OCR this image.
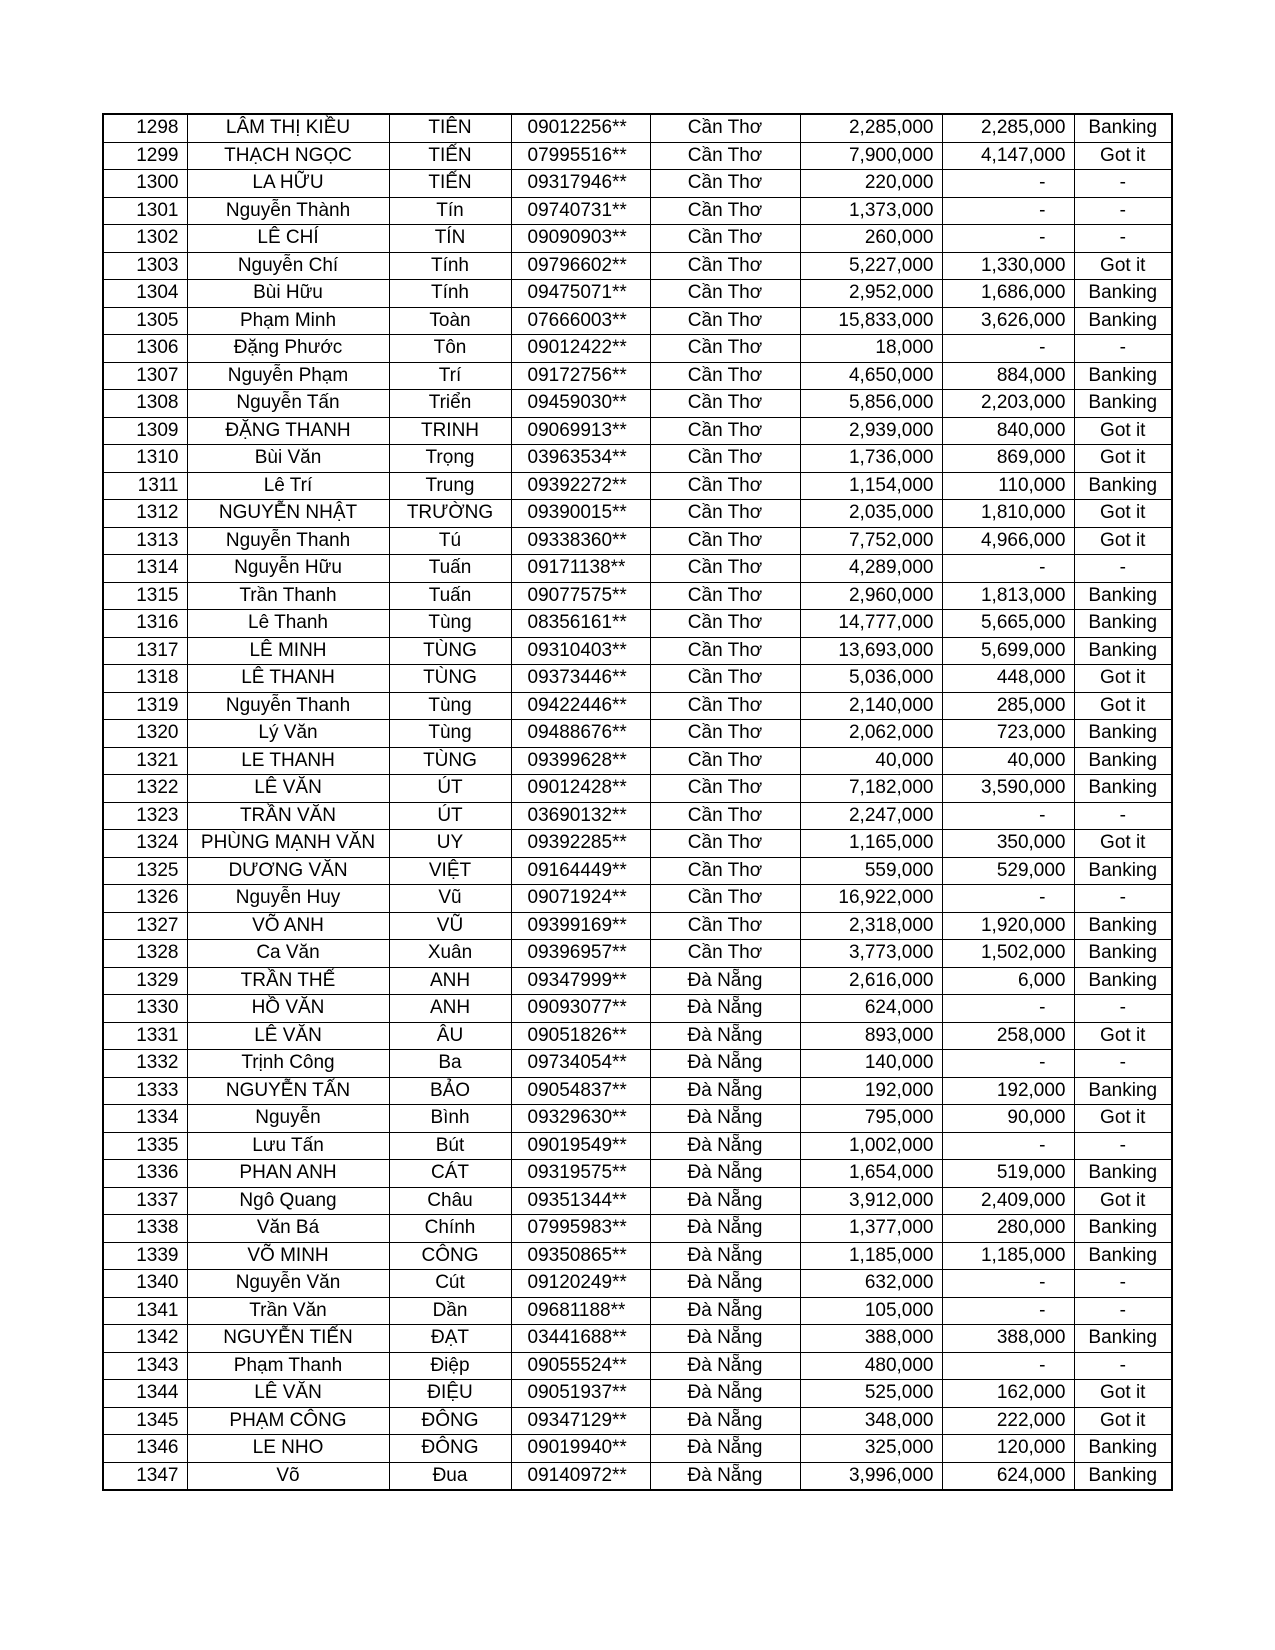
1298	LÂM THỊ KIỀU	TIÊN	09012256**	Cần Thơ	2,285,000	2,285,000	Banking
1299	THẠCH NGỌC	TIẾN	07995516**	Cần Thơ	7,900,000	4,147,000	Got it
1300	LA HỮU	TIẾN	09317946**	Cần Thơ	220,000	-	-
1301	Nguyễn Thành	Tín	09740731**	Cần Thơ	1,373,000	-	-
1302	LÊ CHÍ	TÍN	09090903**	Cần Thơ	260,000	-	-
1303	Nguyễn Chí	Tính	09796602**	Cần Thơ	5,227,000	1,330,000	Got it
1304	Bùi Hữu	Tính	09475071**	Cần Thơ	2,952,000	1,686,000	Banking
1305	Phạm Minh	Toàn	07666003**	Cần Thơ	15,833,000	3,626,000	Banking
1306	Đặng Phước	Tôn	09012422**	Cần Thơ	18,000	-	-
1307	Nguyễn Phạm	Trí	09172756**	Cần Thơ	4,650,000	884,000	Banking
1308	Nguyễn Tấn	Triển	09459030**	Cần Thơ	5,856,000	2,203,000	Banking
1309	ĐẶNG THANH	TRINH	09069913**	Cần Thơ	2,939,000	840,000	Got it
1310	Bùi Văn	Trọng	03963534**	Cần Thơ	1,736,000	869,000	Got it
1311	Lê Trí	Trung	09392272**	Cần Thơ	1,154,000	110,000	Banking
1312	NGUYỄN NHẬT	TRƯỜNG	09390015**	Cần Thơ	2,035,000	1,810,000	Got it
1313	Nguyễn Thanh	Tú	09338360**	Cần Thơ	7,752,000	4,966,000	Got it
1314	Nguyễn Hữu	Tuấn	09171138**	Cần Thơ	4,289,000	-	-
1315	Trần Thanh	Tuấn	09077575**	Cần Thơ	2,960,000	1,813,000	Banking
1316	Lê Thanh	Tùng	08356161**	Cần Thơ	14,777,000	5,665,000	Banking
1317	LÊ MINH	TÙNG	09310403**	Cần Thơ	13,693,000	5,699,000	Banking
1318	LÊ THANH	TÙNG	09373446**	Cần Thơ	5,036,000	448,000	Got it
1319	Nguyễn Thanh	Tùng	09422446**	Cần Thơ	2,140,000	285,000	Got it
1320	Lý Văn	Tùng	09488676**	Cần Thơ	2,062,000	723,000	Banking
1321	LE THANH	TÙNG	09399628**	Cần Thơ	40,000	40,000	Banking
1322	LÊ VĂN	ÚT	09012428**	Cần Thơ	7,182,000	3,590,000	Banking
1323	TRẦN VĂN	ÚT	03690132**	Cần Thơ	2,247,000	-	-
1324	PHÙNG MẠNH VĂN	UY	09392285**	Cần Thơ	1,165,000	350,000	Got it
1325	DƯƠNG VĂN	VIỆT	09164449**	Cần Thơ	559,000	529,000	Banking
1326	Nguyễn Huy	Vũ	09071924**	Cần Thơ	16,922,000	-	-
1327	VÕ ANH	VŨ	09399169**	Cần Thơ	2,318,000	1,920,000	Banking
1328	Ca Văn	Xuân	09396957**	Cần Thơ	3,773,000	1,502,000	Banking
1329	TRẦN THẾ	ANH	09347999**	Đà Nẵng	2,616,000	6,000	Banking
1330	HỒ VĂN	ANH	09093077**	Đà Nẵng	624,000	-	-
1331	LÊ VĂN	ÂU	09051826**	Đà Nẵng	893,000	258,000	Got it
1332	Trịnh Công	Ba	09734054**	Đà Nẵng	140,000	-	-
1333	NGUYỄN TẤN	BẢO	09054837**	Đà Nẵng	192,000	192,000	Banking
1334	Nguyễn	Bình	09329630**	Đà Nẵng	795,000	90,000	Got it
1335	Lưu Tấn	Bút	09019549**	Đà Nẵng	1,002,000	-	-
1336	PHAN ANH	CÁT	09319575**	Đà Nẵng	1,654,000	519,000	Banking
1337	Ngô Quang	Châu	09351344**	Đà Nẵng	3,912,000	2,409,000	Got it
1338	Văn Bá	Chính	07995983**	Đà Nẵng	1,377,000	280,000	Banking
1339	VÕ MINH	CÔNG	09350865**	Đà Nẵng	1,185,000	1,185,000	Banking
1340	Nguyễn Văn	Cút	09120249**	Đà Nẵng	632,000	-	-
1341	Trần Văn	Dần	09681188**	Đà Nẵng	105,000	-	-
1342	NGUYỄN TIẾN	ĐẠT	03441688**	Đà Nẵng	388,000	388,000	Banking
1343	Phạm Thanh	Điệp	09055524**	Đà Nẵng	480,000	-	-
1344	LÊ VĂN	ĐIỆU	09051937**	Đà Nẵng	525,000	162,000	Got it
1345	PHẠM CÔNG	ĐÔNG	09347129**	Đà Nẵng	348,000	222,000	Got it
1346	LE NHO	ĐÔNG	09019940**	Đà Nẵng	325,000	120,000	Banking
1347	Võ	Đua	09140972**	Đà Nẵng	3,996,000	624,000	Banking
